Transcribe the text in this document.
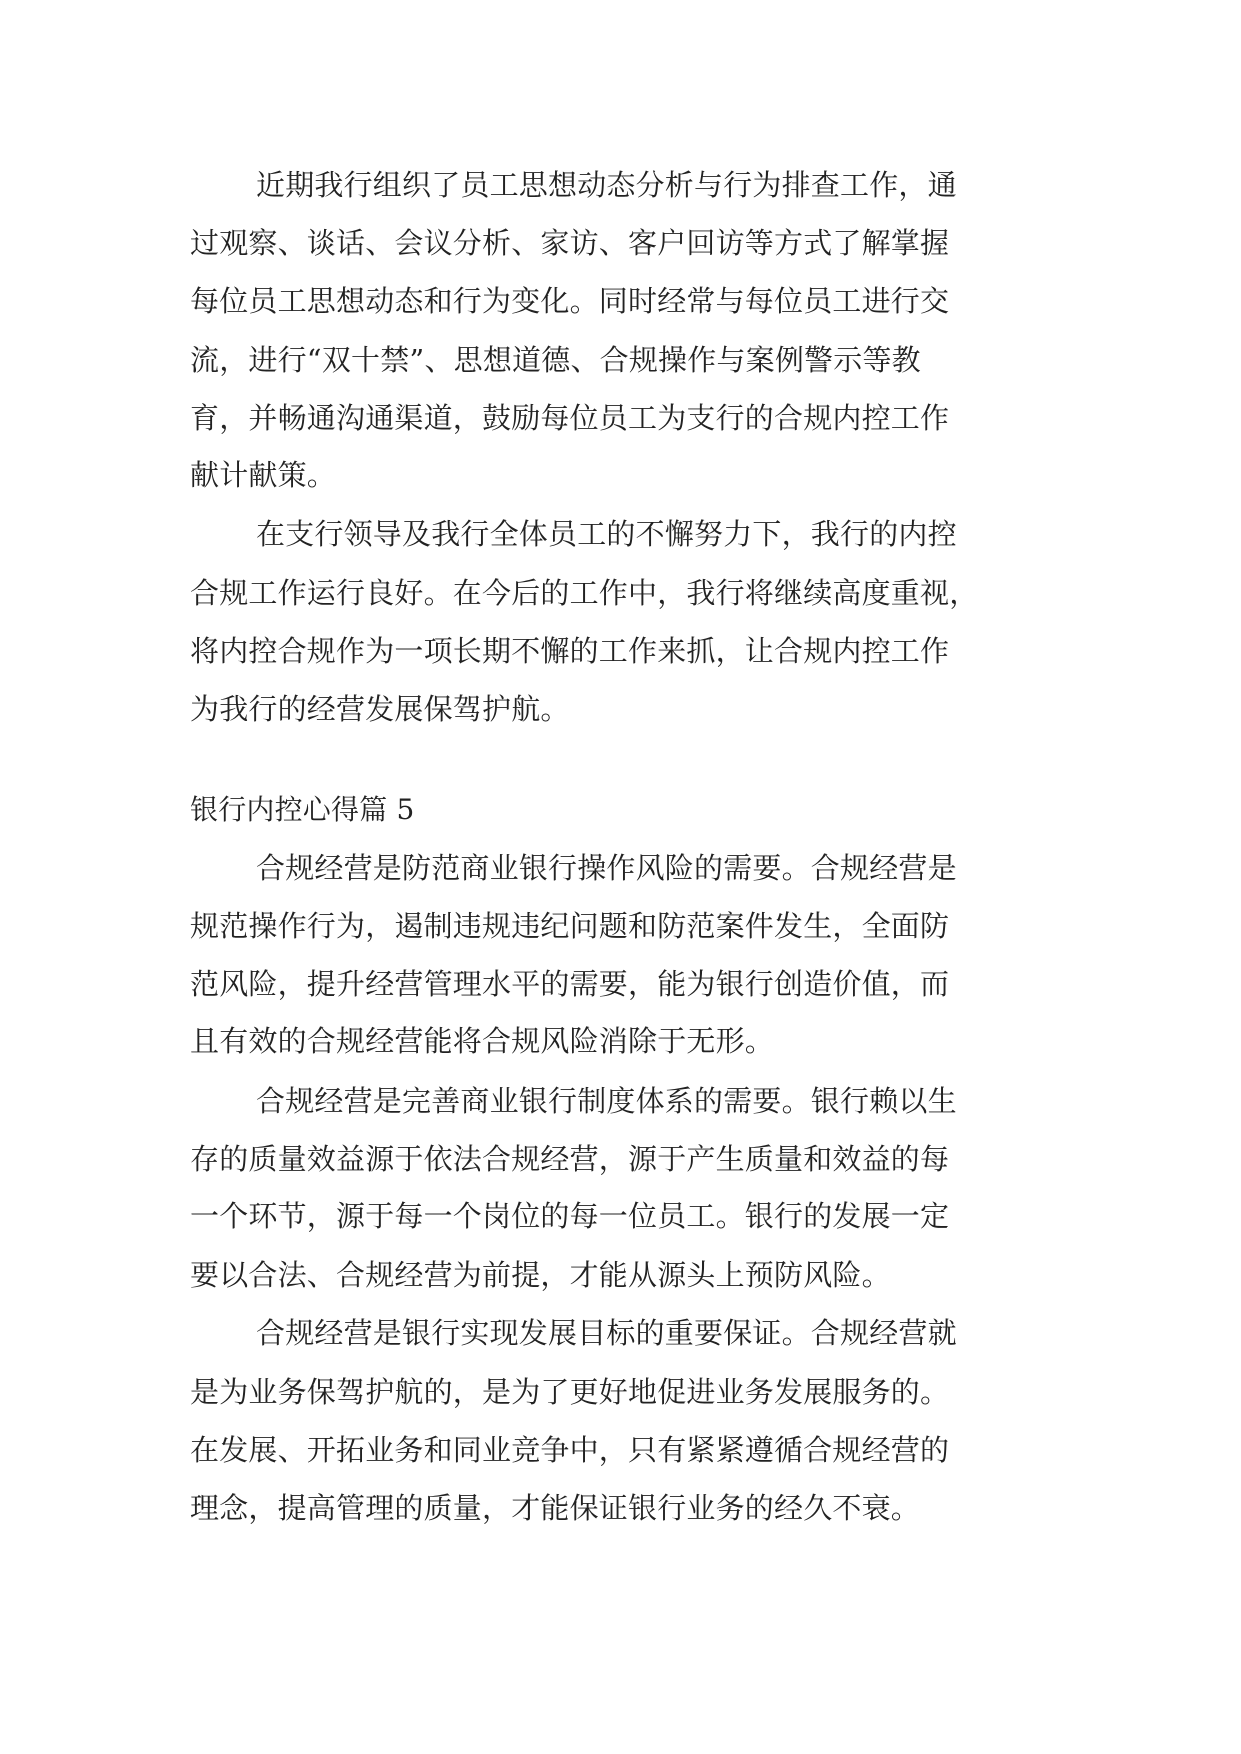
近期我行组织了员工思想动态分析与行为排查工作，通
过观察、谈话、会议分析、家访、客户回访等方式了解掌握
每位员工思想动态和行为变化。同时经常与每位员工进行交
流，进行“双十禁”、思想道德、合规操作与案例警示等教
育，并畅通沟通渠道，鼓励每位员工为支行的合规内控工作
献计献策。
在支行领导及我行全体员工的不懈努力下，我行的内控
合规工作运行良好。在今后的工作中，我行将继续高度重视，
将内控合规作为一项长期不懈的工作来抓，让合规内控工作
为我行的经营发展保驾护航。
银行内控心得篇 5
合规经营是防范商业银行操作风险的需要。合规经营是
规范操作行为，遏制违规违纪问题和防范案件发生，全面防
范风险，提升经营管理水平的需要，能为银行创造价值，而
且有效的合规经营能将合规风险消除于无形。
合规经营是完善商业银行制度体系的需要。银行赖以生
存的质量效益源于依法合规经营，源于产生质量和效益的每
一个环节，源于每一个岗位的每一位员工。银行的发展一定
要以合法、合规经营为前提，才能从源头上预防风险。
合规经营是银行实现发展目标的重要保证。合规经营就
是为业务保驾护航的，是为了更好地促进业务发展服务的。
在发展、开拓业务和同业竞争中，只有紧紧遵循合规经营的
理念，提高管理的质量，才能保证银行业务的经久不衰。
